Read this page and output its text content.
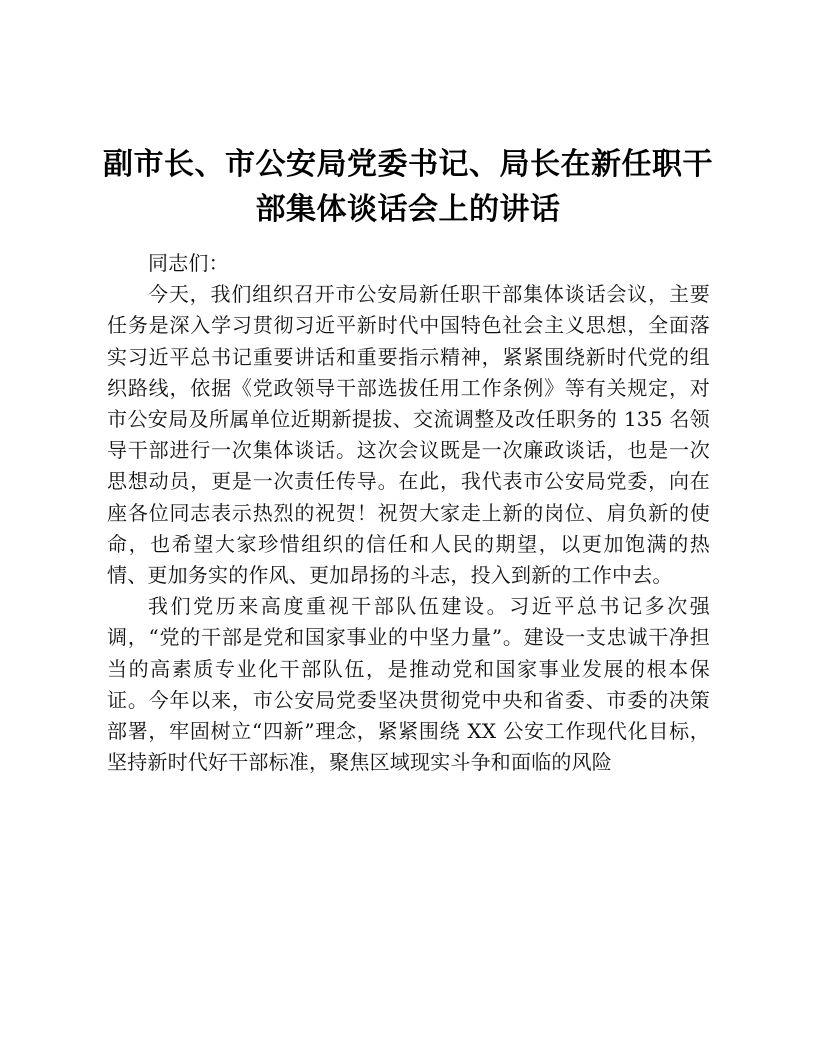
副市长、市公安局党委书记、局长在新任职干部集体谈话会上的讲话

同志们：

今天，我们组织召开市公安局新任职干部集体谈话会议，主要任务是深入学习贯彻习近平新时代中国特色社会主义思想，全面落实习近平总书记重要讲话和重要指示精神，紧紧围绕新时代党的组织路线，依据《党政领导干部选拔任用工作条例》等有关规定，对市公安局及所属单位近期新提拔、交流调整及改任职务的 135 名领导干部进行一次集体谈话。这次会议既是一次廉政谈话，也是一次思想动员，更是一次责任传导。在此，我代表市公安局党委，向在座各位同志表示热烈的祝贺！祝贺大家走上新的岗位、肩负新的使命，也希望大家珍惜组织的信任和人民的期望，以更加饱满的热情、更加务实的作风、更加昂扬的斗志，投入到新的工作中去。

我们党历来高度重视干部队伍建设。习近平总书记多次强调，“党的干部是党和国家事业的中坚力量”。建设一支忠诚干净担当的高素质专业化干部队伍，是推动党和国家事业发展的根本保证。今年以来，市公安局党委坚决贯彻党中央和省委、市委的决策部署，牢固树立“四新”理念，紧紧围绕 XX 公安工作现代化目标，坚持新时代好干部标准，聚焦区域现实斗争和面临的风险
